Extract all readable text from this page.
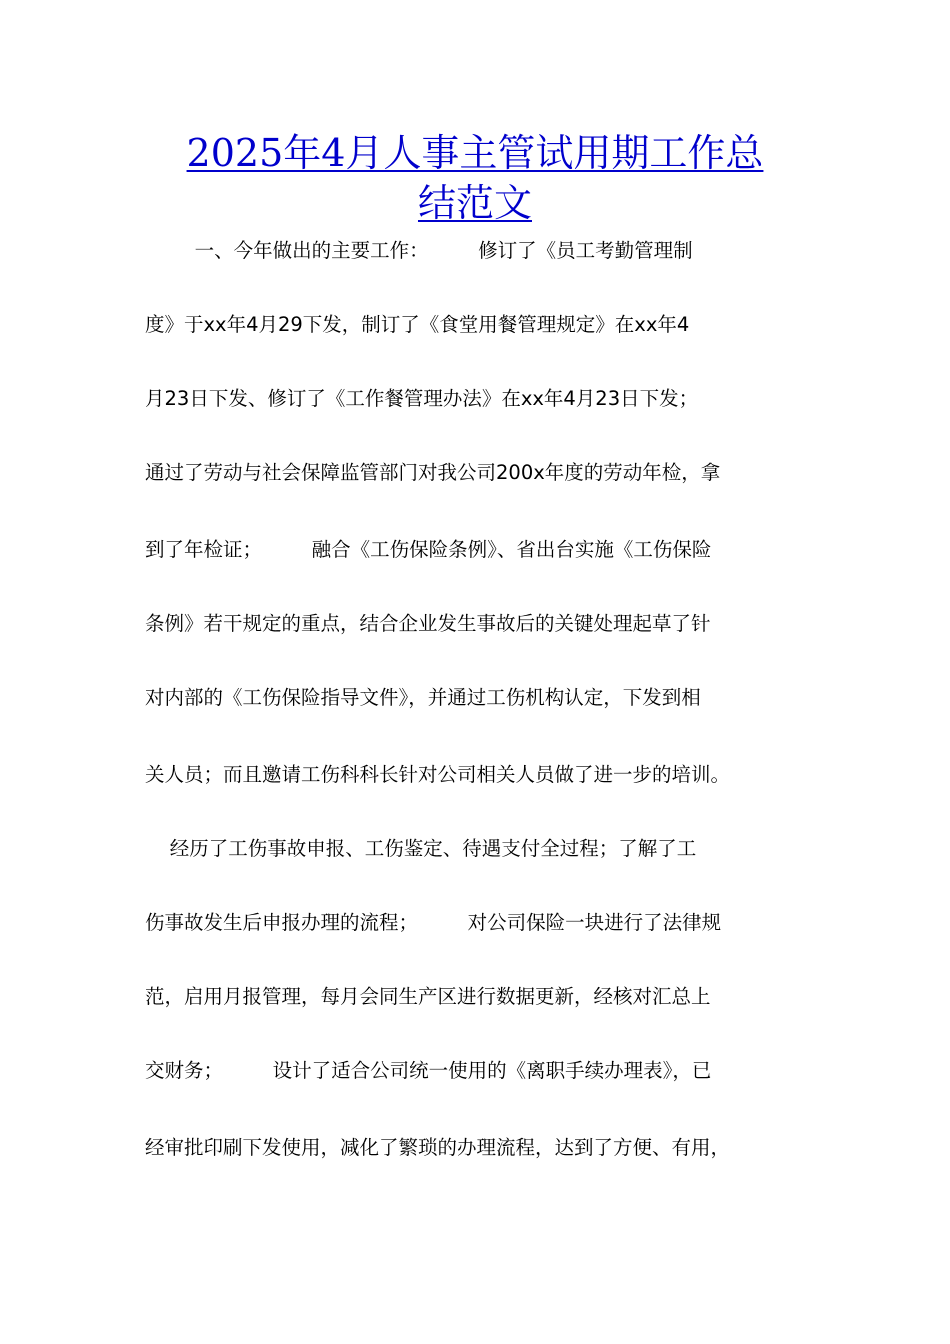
2025年4月人事主管试用期工作总
结范文

一、今年做出的主要工作：        修订了《员工考勤管理制

度》于xx年4月29下发，制订了《食堂用餐管理规定》在xx年4

月23日下发、修订了《工作餐管理办法》在xx年4月23日下发；

通过了劳动与社会保障监管部门对我公司200x年度的劳动年检，拿

到了年检证；        融合《工伤保险条例》、省出台实施《工伤保险

条例》若干规定的重点，结合企业发生事故后的关键处理起草了针

对内部的《工伤保险指导文件》，并通过工伤机构认定，下发到相

关人员；而且邀请工伤科科长针对公司相关人员做了进一步的培训。

经历了工伤事故申报、工伤鉴定、待遇支付全过程；了解了工

伤事故发生后申报办理的流程；        对公司保险一块进行了法律规

范，启用月报管理，每月会同生产区进行数据更新，经核对汇总上

交财务；        设计了适合公司统一使用的《离职手续办理表》，已

经审批印刷下发使用，减化了繁琐的办理流程，达到了方便、有用，
